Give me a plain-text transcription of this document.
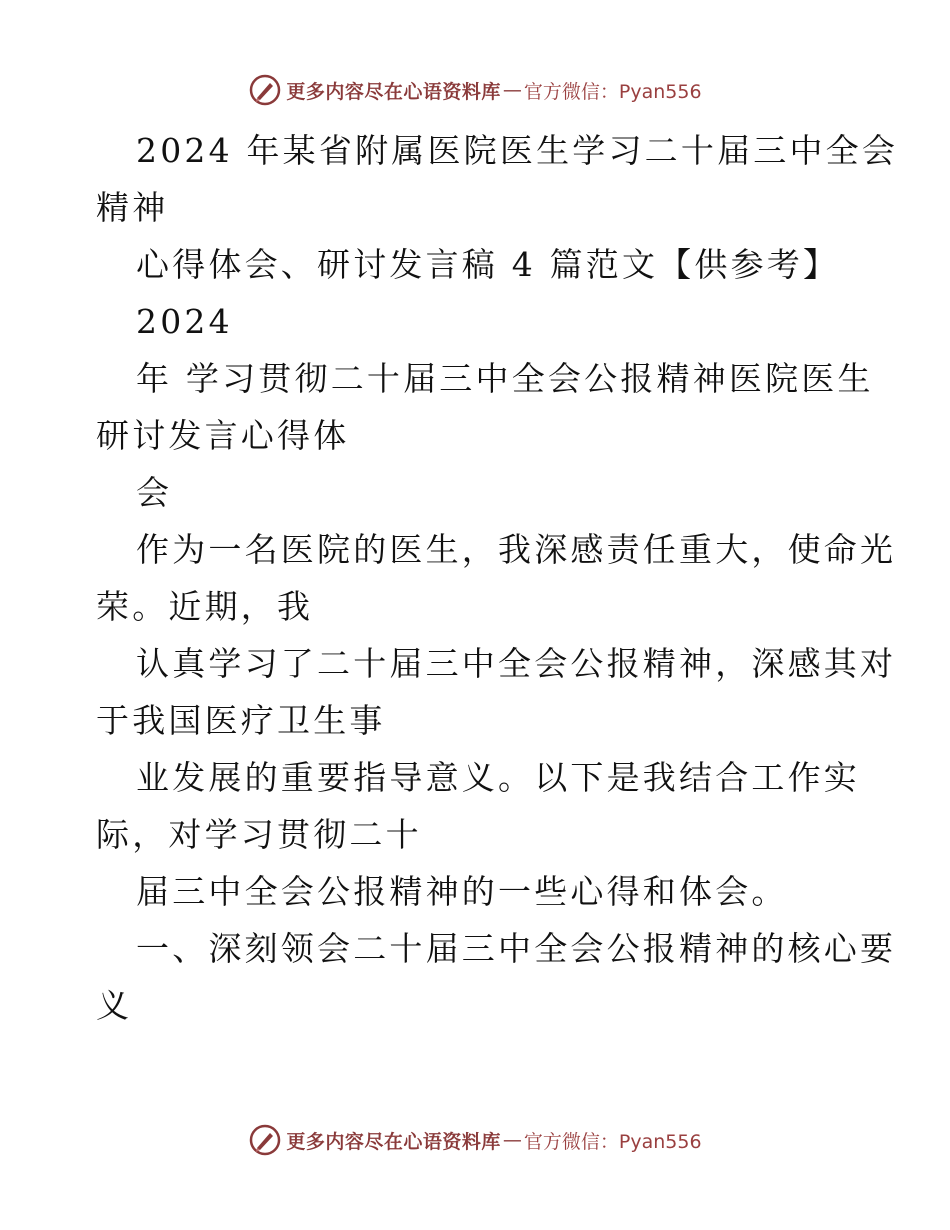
更多内容尽在心语资料库 — 官方微信：Pyan556
2024 年某省附属医院医生学习二十届三中全会
精神
心得体会、研讨发言稿 4 篇范文【供参考】
2024
年 学习贯彻二十届三中全会公报精神医院医生
研讨发言心得体
会
作为一名医院的医生，我深感责任重大，使命光
荣。近期，我
认真学习了二十届三中全会公报精神，深感其对
于我国医疗卫生事
业发展的重要指导意义。以下是我结合工作实
际，对学习贯彻二十
届三中全会公报精神的一些心得和体会。
一、深刻领会二十届三中全会公报精神的核心要
义
更多内容尽在心语资料库 — 官方微信：Pyan556
